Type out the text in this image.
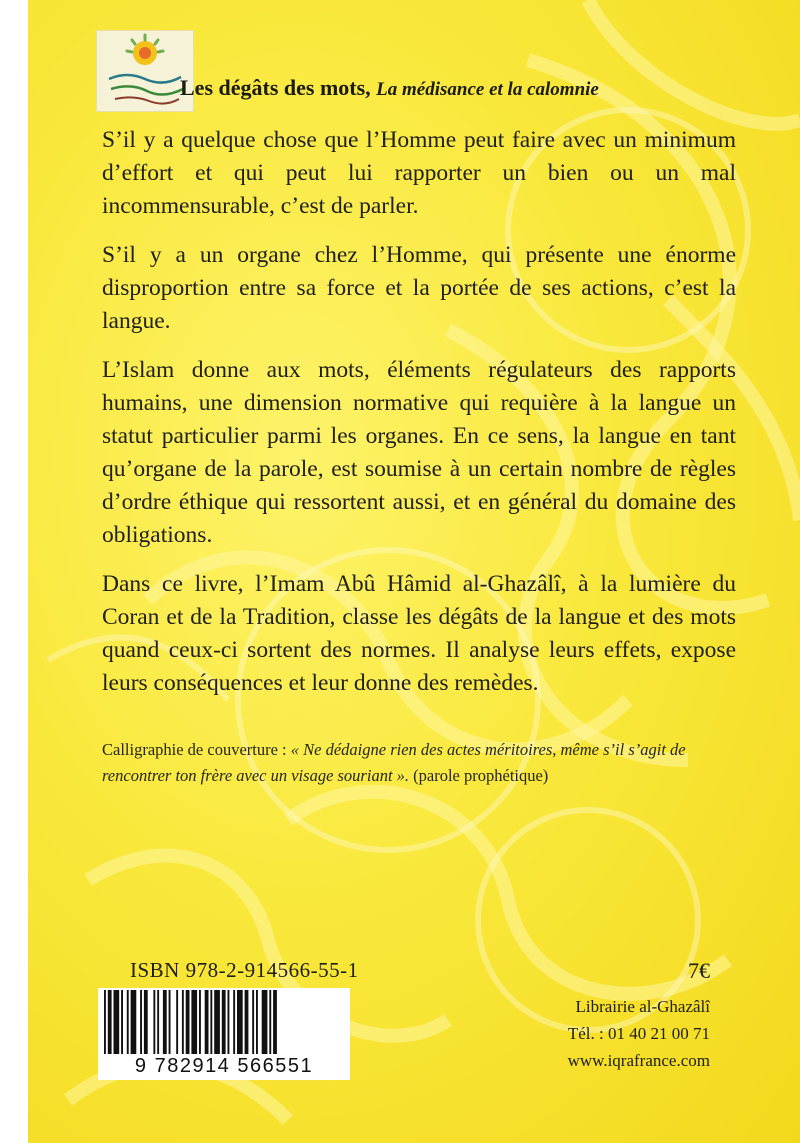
Les dégâts des mots, La médisance et la calomnie

S’il y a quelque chose que l’Homme peut faire avec un minimum d’effort et qui peut lui rapporter un bien ou un mal incommensurable, c’est de parler.

S’il y a un organe chez l’Homme, qui présente une énorme disproportion entre sa force et la portée de ses actions, c’est la langue.

L’Islam donne aux mots, éléments régulateurs des rapports humains, une dimension normative qui requière à la langue un statut particulier parmi les organes. En ce sens, la langue en tant qu’organe de la parole, est soumise à un certain nombre de règles d’ordre éthique qui ressortent aussi, et en général du domaine des obligations.

Dans ce livre, l’Imam Abû Hâmid al-Ghazâlî, à la lumière du Coran et de la Tradition, classe les dégâts de la langue et des mots quand ceux-ci sortent des normes. Il analyse leurs effets, expose leurs conséquences et leur donne des remèdes.

Calligraphie de couverture : « Ne dédaigne rien des actes méritoires, même s’il s’agit de rencontrer ton frère avec un visage souriant ». (parole prophétique)
ISBN 978-2-914566-55-1	7€
9 782914 566551
Librairie al-Ghazâlî
Tél. : 01 40 21 00 71
www.iqrafrance.com
